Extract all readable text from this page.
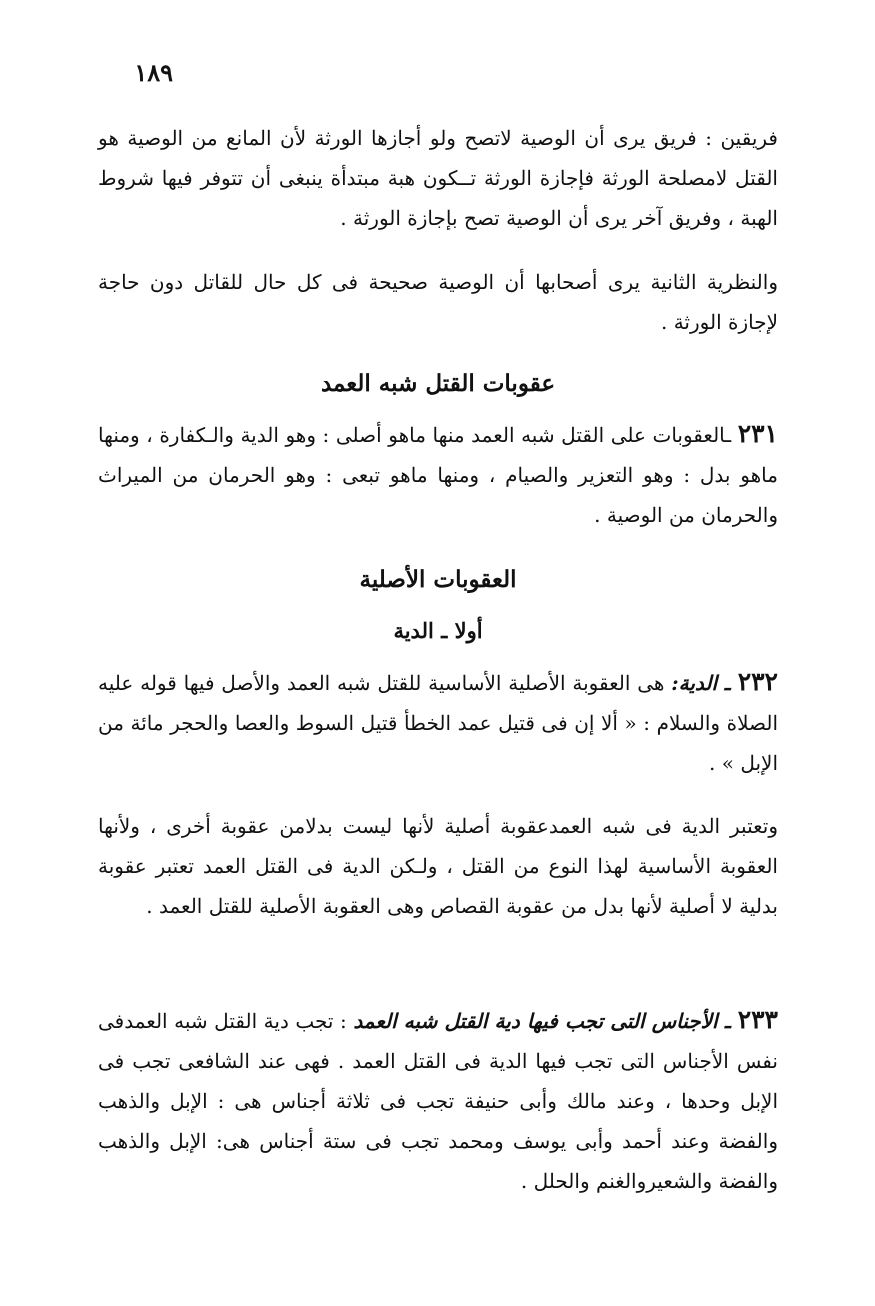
١٨٩

فريقين : فريق يرى أن الوصية لاتصح ولو أجازها الورثة لأن المانع من الوصية هو القتل لامصلحة الورثة فإجازة الورثة تــكون هبة مبتدأة ينبغى أن تتوفر فيها شروط الهبة ، وفريق آخر يرى أن الوصية تصح بإجازة الورثة .

والنظرية الثانية يرى أصحابها أن الوصية صحيحة فى كل حال للقاتل دون حاجة لإجازة الورثة .

عقوبات القتل شبه العمد

٢٣١ ـالعقوبات على القتل شبه العمد منها ماهو أصلى : وهو الدية والـكفارة ، ومنها ماهو بدل : وهو التعزير والصيام ، ومنها ماهو تبعى : وهو الحرمان من الميراث والحرمان من الوصية .

العقوبات الأصلية
أولا ـ الدية

٢٣٢ ـ الدية: هى العقوبة الأصلية الأساسية للقتل شبه العمد والأصل فيها قوله عليه الصلاة والسلام : « ألا إن فى قتيل عمد الخطأ قتيل السوط والعصا والحجر مائة من الإبل » .

وتعتبر الدية فى شبه العمدعقوبة أصلية لأنها ليست بدلامن عقوبة أخرى ، ولأنها العقوبة الأساسية لهذا النوع من القتل ، ولـكن الدية فى القتل العمد تعتبر عقوبة بدلية لا أصلية لأنها بدل من عقوبة القصاص وهى العقوبة الأصلية للقتل العمد .

٢٣٣ ـ الأجناس التى تجب فيها دية القتل شبه العمد : تجب دية القتل شبه العمدفى نفس الأجناس التى تجب فيها الدية فى القتل العمد . فهى عند الشافعى تجب فى الإبل وحدها ، وعند مالك وأبى حنيفة تجب فى ثلاثة أجناس هى : الإبل والذهب والفضة وعند أحمد وأبى يوسف ومحمد تجب فى ستة أجناس هى: الإبل والذهب والفضة والشعيروالغنم والحلل .
